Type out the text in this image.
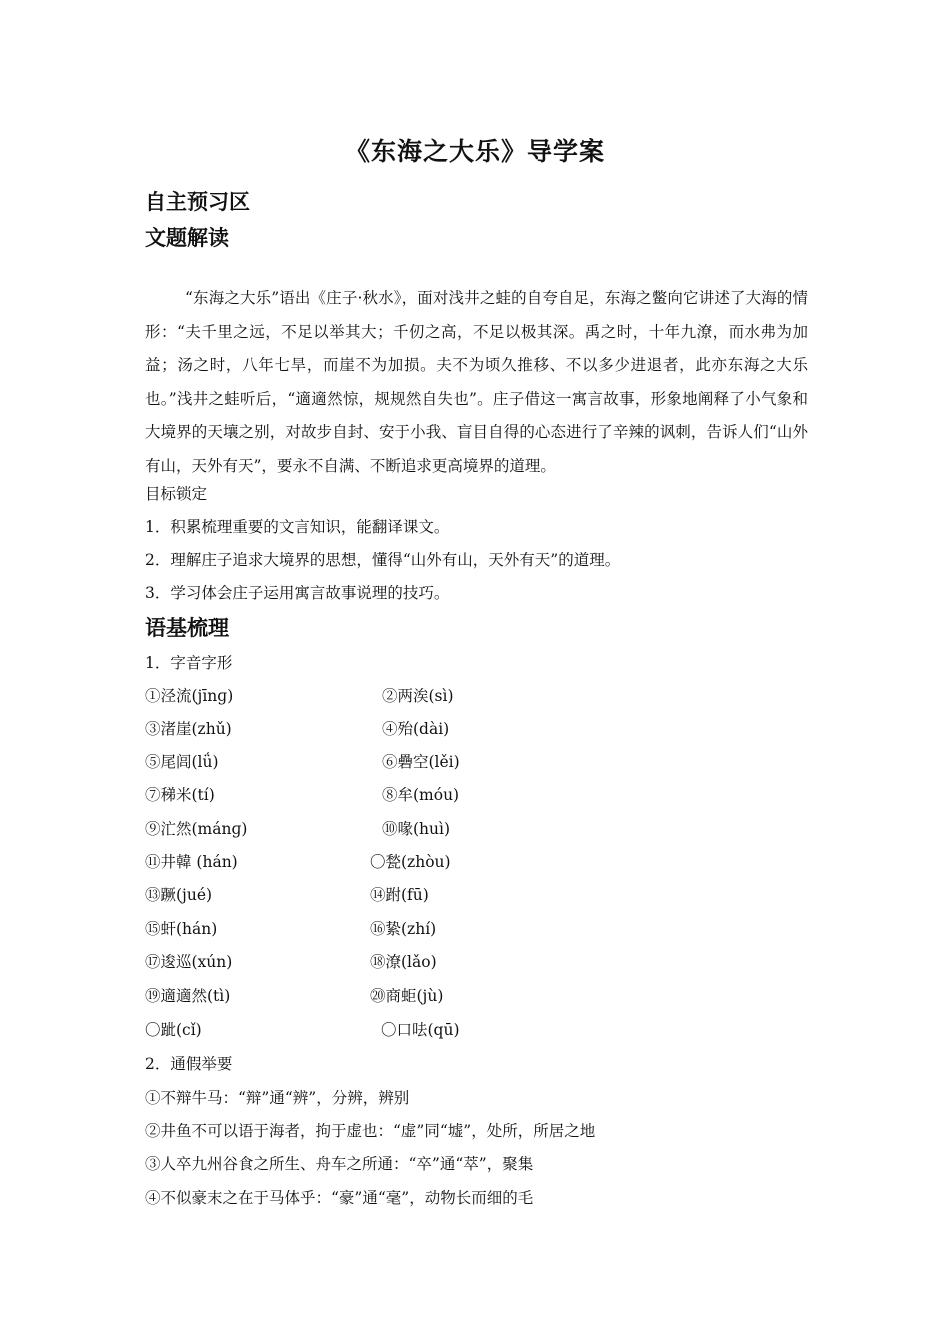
《东海之大乐》导学案
自主预习区
文题解读

“东海之大乐”语出《庄子·秋水》，面对浅井之蛙的自夸自足，东海之鳖向它讲述了大海的情形：“夫千里之远，不足以举其大；千仞之高，不足以极其深。禹之时，十年九潦，而水弗为加益；汤之时，八年七旱，而崖不为加损。夫不为顷久推移、不以多少进退者，此亦东海之大乐也。”浅井之蛙听后，“適適然惊，规规然自失也”。庄子借这一寓言故事，形象地阐释了小气象和大境界的天壤之别，对故步自封、安于小我、盲目自得的心态进行了辛辣的讽刺，告诉人们“山外有山，天外有天”，要永不自满、不断追求更高境界的道理。

目标锁定
1．积累梳理重要的文言知识，能翻译课文。
2．理解庄子追求大境界的思想，懂得“山外有山，天外有天”的道理。
3．学习体会庄子运用寓言故事说理的技巧。
语基梳理
1．字音字形
①泾流(jīnɡ)	②两涘(sì)
③渚崖(zhǔ)	④殆(dài)
⑤尾闾(lǘ)	⑥礨空(lěi)
⑦稊米(tí)	⑧牟(móu)
⑨汒然(mánɡ)	⑩喙(huì)
⑪井韓 (hán)	〇甃(zhòu)
⑬蹶(jué)	⑭跗(fū)
⑮虷(hán)	⑯絷(zhí)
⑰逡巡(xún)	⑱潦(lǎo)
⑲適適然(tì)	⑳商蚷(jù)
〇跐(cǐ)	〇口呿(qū)
2．通假举要
①不辩牛马：“辩”通“辨”，分辨，辨别
②井鱼不可以语于海者，拘于虚也：“虚”同“墟”，处所，所居之地
③人卒九州谷食之所生、舟车之所通：“卒”通“萃”，聚集
④不似豪末之在于马体乎：“豪”通“毫”，动物长而细的毛
